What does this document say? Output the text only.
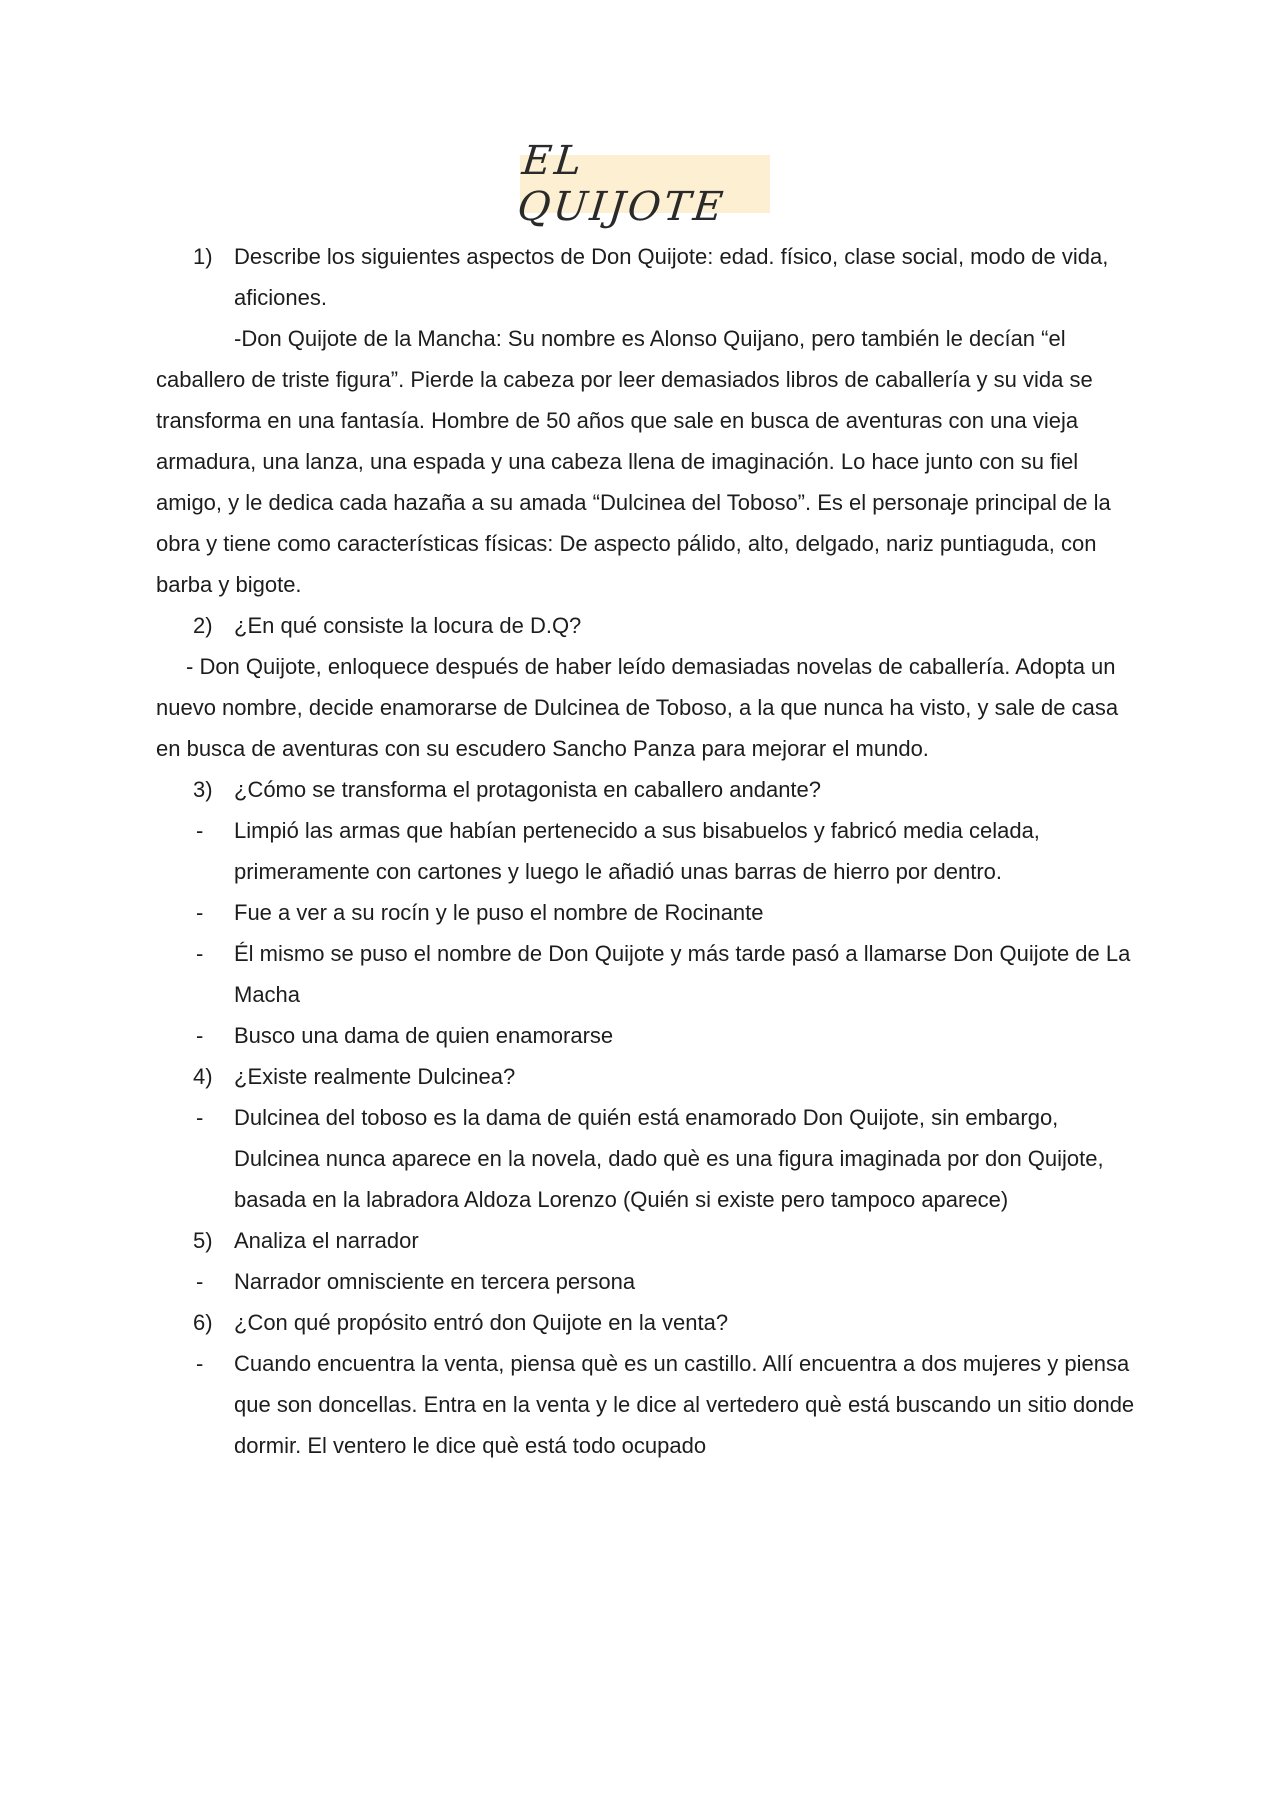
EL QUIJOTE
1) Describe los siguientes aspectos de Don Quijote: edad. físico, clase social, modo de vida, aficiones.
-Don Quijote de la Mancha: Su nombre es Alonso Quijano, pero también le decían “el caballero de triste figura”. Pierde la cabeza por leer demasiados libros de caballería y su vida se transforma en una fantasía. Hombre de 50 años que sale en busca de aventuras con una vieja armadura, una lanza, una espada y una cabeza llena de imaginación. Lo hace junto con su fiel amigo, y le dedica cada hazaña a su amada “Dulcinea del Toboso”. Es el personaje principal de la obra y tiene como características físicas: De aspecto pálido, alto, delgado, nariz puntiaguda, con barba y bigote.
2) ¿En qué consiste la locura de D.Q?
- Don Quijote, enloquece después de haber leído demasiadas novelas de caballería. Adopta un nuevo nombre, decide enamorarse de Dulcinea de Toboso, a la que nunca ha visto, y sale de casa en busca de aventuras con su escudero Sancho Panza para mejorar el mundo.
3) ¿Cómo se transforma el protagonista en caballero andante?
-	Limpió las armas que habían pertenecido a sus bisabuelos y fabricó media celada, primeramente con cartones y luego le añadió unas barras de hierro por dentro.
-	Fue a ver a su rocín y le puso el nombre de Rocinante
-	Él mismo se puso el nombre de Don Quijote y más tarde pasó a llamarse Don Quijote de La Macha
-	Busco una dama de quien enamorarse
4) ¿Existe realmente Dulcinea?
-	Dulcinea del toboso es la dama de quién está enamorado Don Quijote, sin embargo, Dulcinea nunca aparece en la novela, dado què es una figura imaginada por don Quijote, basada en la labradora Aldoza Lorenzo (Quién si existe pero tampoco aparece)
5) Analiza el narrador
-	Narrador omnisciente en tercera persona
6) ¿Con qué propósito entró don Quijote en la venta?
-	Cuando encuentra la venta, piensa què es un castillo. Allí encuentra a dos mujeres y piensa que son doncellas. Entra en la venta y le dice al vertedero què está buscando un sitio donde dormir. El ventero le dice què está todo ocupado
